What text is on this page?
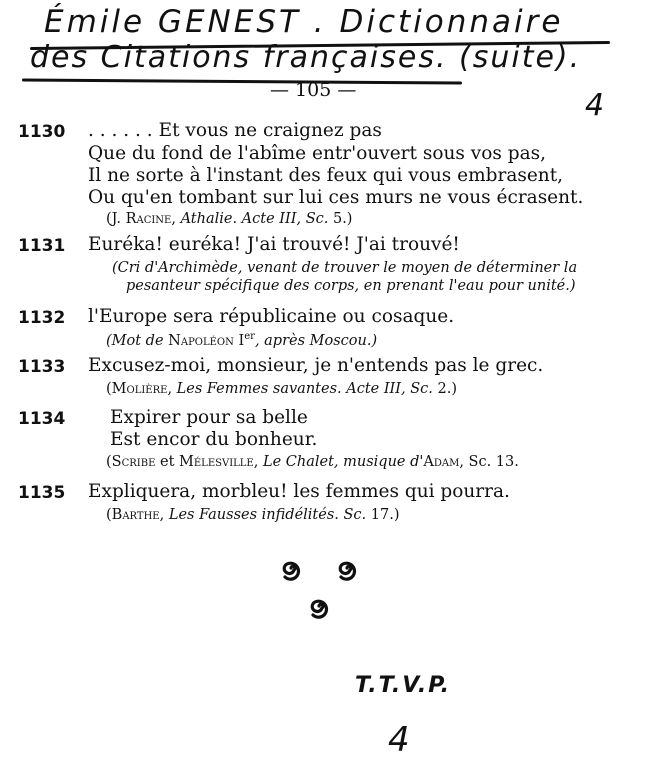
Émile GENEST . Dictionnaire
des Citations françaises. (suite).
— 105 —	4
1130 . . . . . . Et vous ne craignez pas
Que du fond de l'abîme entr'ouvert sous vos pas,
Il ne sorte à l'instant des feux qui vous embrasent,
Ou qu'en tombant sur lui ces murs ne vous écrasent.
(J. Racine, Athalie. Acte III, Sc. 5.)
1131 Euréka! euréka! J'ai trouvé! J'ai trouvé!
(Cri d'Archimède, venant de trouver le moyen de déterminer la
pesanteur spécifique des corps, en prenant l'eau pour unité.)
1132 l'Europe sera républicaine ou cosaque.
(Mot de Napoléon Ier, après Moscou.)
1133 Excusez-moi, monsieur, je n'entends pas le grec.
(Molière, Les Femmes savantes. Acte III, Sc. 2.)
1134 Expirer pour sa belle
Est encor du bonheur.
(Scribe et Mélesville, Le Chalet, musique d'Adam, Sc. 13.
1135 Expliquera, morbleu! les femmes qui pourra.
(Barthe, Les Fausses infidélités. Sc. 17.)
T.T.V.P.
4
